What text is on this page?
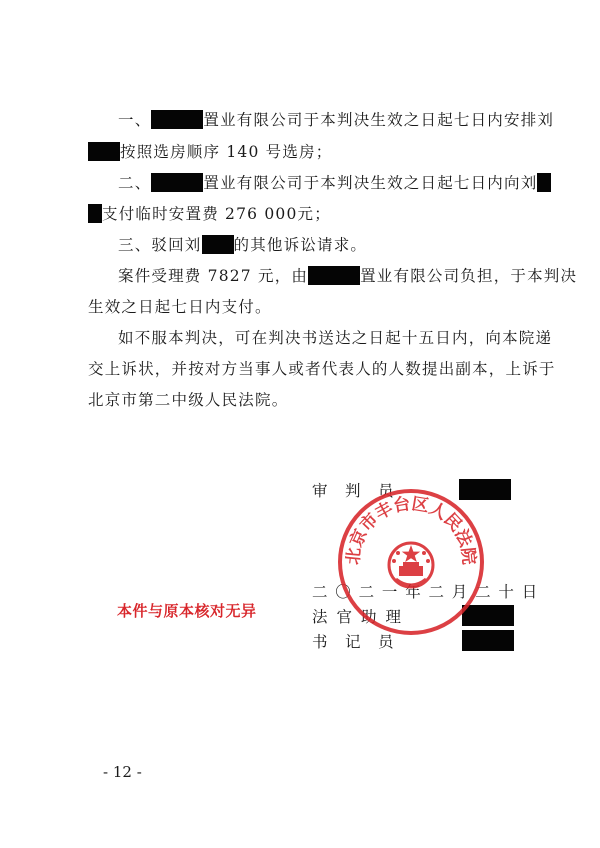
一、	置业有限公司于本判决生效之日起七日内安排刘
按照选房顺序 140 号选房；
二、	置业有限公司于本判决生效之日起七日内向刘
支付临时安置费 276 000元；
三、驳回刘 的其他诉讼请求。
案件受理费 7827 元，由	置业有限公司负担，于本判决
生效之日起七日内支付。
如不服本判决，可在判决书送达之日起十五日内，向本院递
交上诉状，并按对方当事人或者代表人的人数提出副本，上诉于
北京市第二中级人民法院。
审　判　员
二〇二一年二月二十日
法官助理
书　记　员
北京市丰台区人民法院
本件与原本核对无异
- 12 -
